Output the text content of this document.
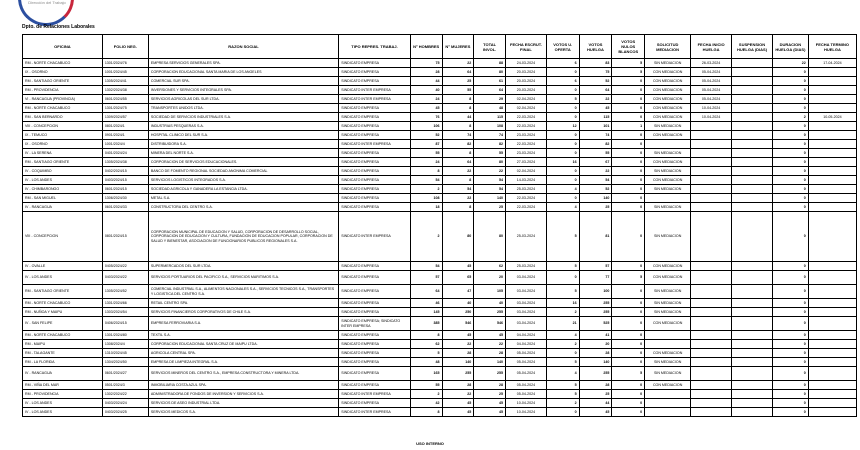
Dirección del Trabajo
Dpto. de Relaciones Laborales
OFICINA	FOLIO NEG.	RAZON SOCIAL	TIPO REPRES. TRABAJ.	N° HOMBRES	N° MUJERES	TOTAL INVOL.	FECHA ESCRUT. FINAL	VOTOS U. OFERTA	VOTOS HUELGA	VOTOS NULOS BLANCOS	SOLICITUD MEDIACION	FECHA INICIO HUELGA	SUSPENSION HUELGA (DIAS)	DURACION HUELGA (DIAS)	FECHA TERMINO HUELGA
RM - NORTE CHACABUCO	1301/2024/76	EMPRESA SERVICIOS GENERALES SPA.	SINDICATO EMPRESA	75	22	88	24-03-2024	6	83	5	SIN MEDIACION	26-03-2024		22	17-04-2024
IX - OSORNO	1001/2024/45	CORPORACION EDUCACIONAL SANTA MARIA DE LOS ANGELES	SINDICATO EMPRESA	28	64	80	20-03-2024	0	75	5	CON MEDIACION	05-04-2024		0	
RM - SANTIAGO ORIENTE	1305/2024/41	COMERCIAL SUR SPA.	SINDICATO EMPRESA	44	25	61	20-03-2024	6	52	0	CON MEDIACION	05-04-2024		0	
RM - PROVIDENCIA	1302/2024/38	INVERSIONES Y SERVICIOS INTEGRALES SPA.	SINDICATO INTER EMPRESA	40	55	64	20-03-2024	0	64	0	CON MEDIACION	05-04-2024		0	
VI - RANCAGUA (PROVINCIA)	0601/2024/55	SERVICIOS AGRICOLAS DEL SUR LTDA.	SINDICATO INTER EMPRESA	24	8	29	02-04-2024	5	22	0	CON MEDIACION	05-04-2024		0	
RM - NORTE CHACABUCO	1301/2024/75	TRANSPORTES UNIDOS LTDA.	SINDICATO EMPRESA	45	8	48	02-04-2024	0	45	0	CON MEDIACION	10-04-2024		0	
RM - SAN BERNARDO	1309/2024/57	SOCIEDAD DE SERVICIOS INDUSTRIALES S.A.	SINDICATO EMPRESA	76	44	115	22-03-2024	0	115	0	CON MEDIACION	10-04-2024		2	10-05-2024
VIII - CONCEPCION	0801/2024/1	INDUSTRIAS PESQUERAS S.A.	SINDICATO EMPRESA	106	8	108	22-03-2024	12	101	1	SIN MEDIACION			0	
IX - TEMUCO	0901/2024/1	HOSPITAL CLINICO DEL SUR S.A.	SINDICATO EMPRESA	52	74	74	23-03-2024	0	74	0	CON MEDIACION			0	
IX - OSORNO	1001/2024/4	DISTRIBUIDORA S.A.	SINDICATO INTER EMPRESA	87	82	82	22-03-2024	0	82	0				0	
IV - LA SERENA	0401/2024/24	MINERA DEL NORTE S.A.	SINDICATO EMPRESA	55	8	55	23-03-2024	0	55	0	SIN MEDIACION			0	
RM - SANTIAGO ORIENTE	1305/2024/38	CORPORACION DE SERVICIOS EDUCACIONALES.	SINDICATO EMPRESA	24	64	80	27-03-2024	16	67	0	CON MEDIACION			0	
IV - COQUIMBO	0402/2024/15	BANCO DE FOMENTO REGIONAL SOCIEDAD ANONIMA COMERCIAL	SINDICATO EMPRESA	8	22	22	02-04-2024	0	22	0	SIN MEDIACION			0	
IV - LOS ANDES	0403/2024/15	SERVICIOS LOGISTICOS INTEGRADOS S.A.	SINDICATO EMPRESA	54	8	54	14-03-2024	0	54	0	CON MEDIACION			0	
IV - CHIMBARONGO	0601/2024/15	SOCIEDAD AGRICOLA Y GANADERA LA ESTANCIA LTDA.	SINDICATO EMPRESA	2	54	54	25-03-2024	4	52	0	SIN MEDIACION			0	
RM - SAN MIGUEL	1306/2024/30	METAL S.A.	SINDICATO EMPRESA	108	22	140	22-03-2024	0	140	0				0	
IV - RANCAGUA	0601/2024/33	CONSTRUCTORA DEL CENTRO S.A.	SINDICATO EMPRESA	18	8	25	22-03-2024	4	25	0	SIN MEDIACION			0	
VIII - CONCEPCION	0801/2024/15	CORPORACION MUNICIPAL DE EDUCACION Y SALUD, CORPORACION DE DESARROLLO SOCIAL, CORPORACION DE EDUCACION Y CULTURA, FUNDACION DE EDUCACION POPULAR, CORPORACION DE SALUD Y BIENESTAR, ASOCIACION DE FUNCIONARIOS PUBLICOS REGIONALES S.A.	SINDICATO INTER EMPRESA	2	80	80	25-03-2024	5	81	0	SIN MEDIACION			0	
IV - OVALLE	0405/2024/22	SUPERMERCADOS DEL SUR LTDA.	SINDICATO EMPRESA	54	45	62	25-03-2024	5	57	0	CON MEDIACION			0	
IV - LOS ANDES	0403/2024/22	SERVICIOS PORTUARIOS DEL PACIFICO S.A., SERVICIOS MARITIMOS S.A.	SINDICATO EMPRESA	57	65	20	03-04-2024	0	77	5	CON MEDIACION			0	
RM - SANTIAGO ORIENTE	1305/2024/52	COMERCIAL INDUSTRIAL S.A., ALIMENTOS NACIONALES S.A., SERVICIOS TECNICOS S.A., TRANSPORTES Y LOGISTICA DEL CENTRO S.A.	SINDICATO EMPRESA	64	47	105	03-04-2024	5	100	0	SIN MEDIACION			0	
RM - NORTE CHACABUCO	1301/2024/66	RETAIL CENTRO SPA.	SINDICATO EMPRESA	46	40	40	03-04-2024	16	255	0	SIN MEDIACION			0	
RM - NUÑOA Y MAIPU	1303/2024/54	SERVICIOS FINANCIEROS CORPORATIVOS DE CHILE S.A.	SINDICATO EMPRESA	145	250	255	03-04-2024	2	255	0	SIN MEDIACION			0	
IV - SAN FELIPE	0406/2024/15	EMPRESA FERROVIARIA S.A.	SINDICATO EMPRESA; SINDICATO INTER EMPRESA	385	546	546	03-04-2024	21	525	0	CON MEDIACION			0	
RM - NORTE CHACABUCO	1301/2024/80	TEXTIL S.A.	SINDICATO EMPRESA	8	45	45	04-04-2024	4	41	0				0	
RM - MAIPU	1308/2024/4	CORPORACION EDUCACIONAL SANTA CRUZ DE MAIPU LTDA.	SINDICATO EMPRESA	62	22	22	04-04-2024	2	20	0				0	
RM - TALAGANTE	1310/2024/45	AGRICOLA CENTRAL SPA.	SINDICATO EMPRESA	5	28	28	05-04-2024	0	28	0	CON MEDIACION			0	
RM - LA FLORIDA	1304/2024/50	EMPRESA DE LIMPIEZA INTEGRAL S.A.	SINDICATO EMPRESA	48	140	140	05-04-2024	5	140	0	SIN MEDIACION			0	
IV - RANCAGUA	0601/2024/27	SERVICIOS MINEROS DEL CENTRO S.A., EMPRESA CONSTRUCTORA Y MINERA LTDA.	SINDICATO EMPRESA	165	255	255	05-04-2024	4	255	5	SIN MEDIACION			0	
RM - VIÑA DEL MAR	0501/2024/3	INMOBILIARIA COSTA AZUL SPA.	SINDICATO EMPRESA	55	28	28	05-04-2024	5	28	0	CON MEDIACION			0	
RM - PROVIDENCIA	1302/2024/22	ADMINISTRADORA DE FONDOS DE INVERSION Y SERVICIOS S.A.	SINDICATO INTER EMPRESA	2	22	25	05-04-2024	5	25	0				0	
IV - LOS ANDES	0403/2024/24	SERVICIOS DE ASEO INDUSTRIAL LTDA.	SINDICATO EMPRESA	42	45	45	10-04-2024	2	44	0				0	
IV - LOS ANDES	0403/2024/25	SERVICIOS MEDICOS S.A.	SINDICATO INTER EMPRESA	8	45	45	10-04-2024	0	45	0				0	
USO INTERNO
